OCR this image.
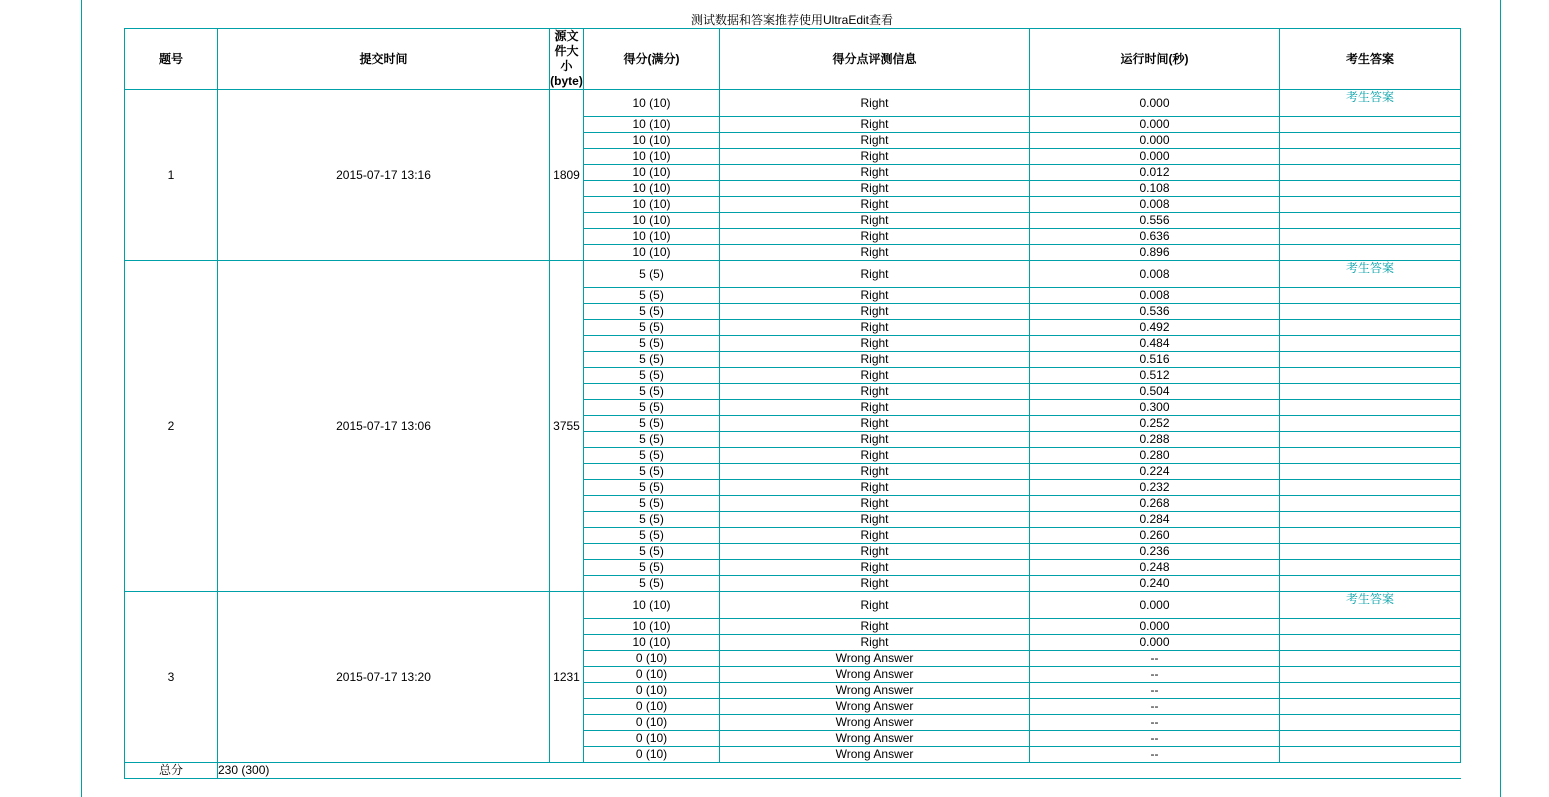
测试数据和答案推荐使用UltraEdit查看
题号	提交时间	源文件大小(byte)	得分(满分)	得分点评测信息	运行时间(秒)	考生答案
1	2015-07-17 13:16	1809	10 (10)	Right	0.000	考生答案
			10 (10)	Right	0.000	
			10 (10)	Right	0.000	
			10 (10)	Right	0.000	
			10 (10)	Right	0.012	
			10 (10)	Right	0.108	
			10 (10)	Right	0.008	
			10 (10)	Right	0.556	
			10 (10)	Right	0.636	
			10 (10)	Right	0.896	
2	2015-07-17 13:06	3755	5 (5)	Right	0.008	考生答案
			5 (5)	Right	0.008	
			5 (5)	Right	0.536	
			5 (5)	Right	0.492	
			5 (5)	Right	0.484	
			5 (5)	Right	0.516	
			5 (5)	Right	0.512	
			5 (5)	Right	0.504	
			5 (5)	Right	0.300	
			5 (5)	Right	0.252	
			5 (5)	Right	0.288	
			5 (5)	Right	0.280	
			5 (5)	Right	0.224	
			5 (5)	Right	0.232	
			5 (5)	Right	0.268	
			5 (5)	Right	0.284	
			5 (5)	Right	0.260	
			5 (5)	Right	0.236	
			5 (5)	Right	0.248	
			5 (5)	Right	0.240	
3	2015-07-17 13:20	1231	10 (10)	Right	0.000	考生答案
			10 (10)	Right	0.000	
			10 (10)	Right	0.000	
			0 (10)	Wrong Answer	--	
			0 (10)	Wrong Answer	--	
			0 (10)	Wrong Answer	--	
			0 (10)	Wrong Answer	--	
			0 (10)	Wrong Answer	--	
			0 (10)	Wrong Answer	--	
			0 (10)	Wrong Answer	--	
总分	230 (300)					
